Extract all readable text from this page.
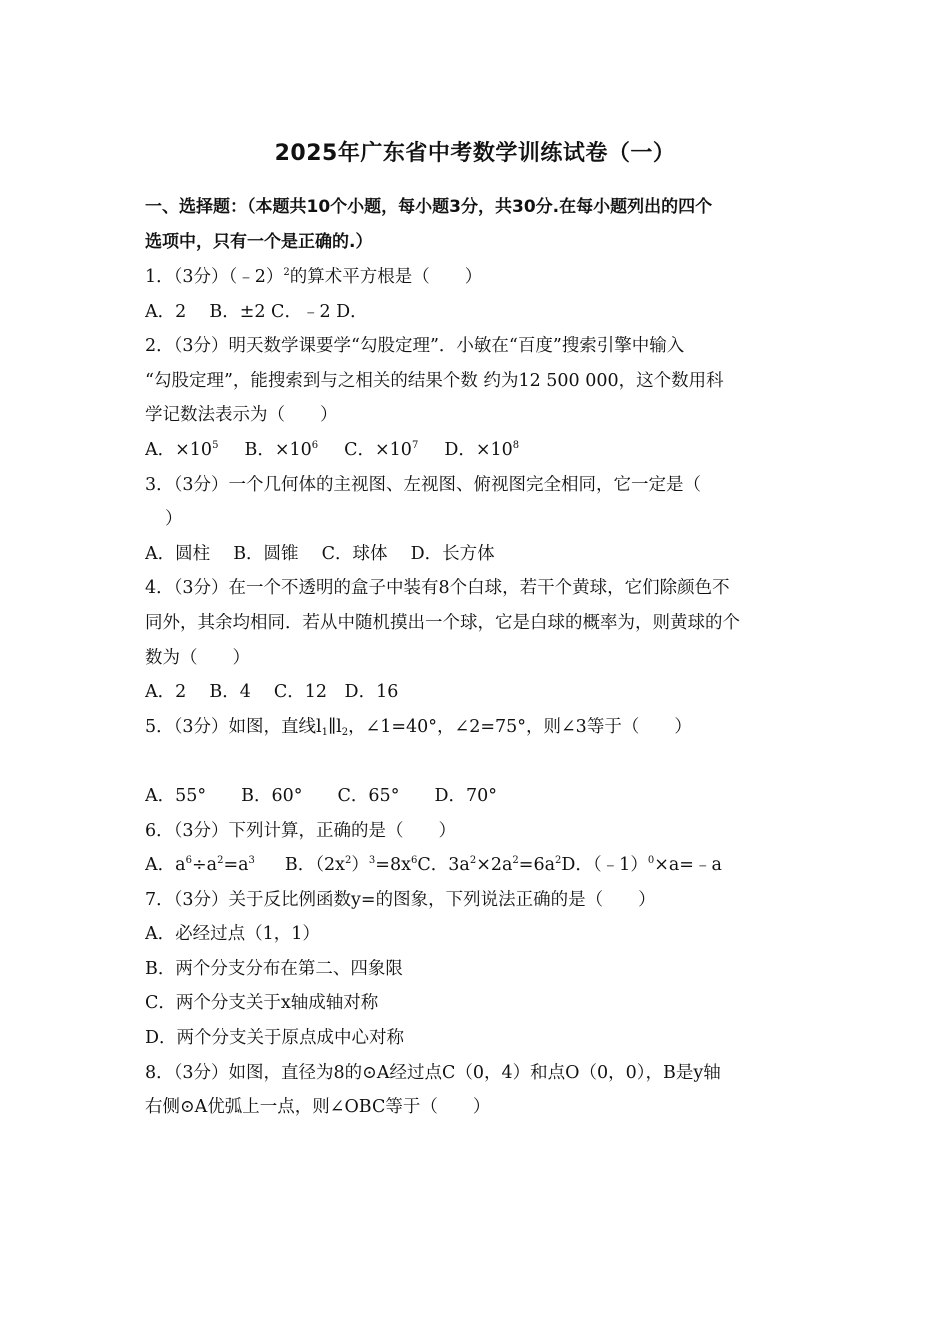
2025年广东省中考数学训练试卷（一）
一、选择题：（本题共10个小题，每小题3分，共30分.在每小题列出的四个
选项中，只有一个是正确的.）
1．（3分）（﹣2）$^2$的算术平方根是（　　）
A．2　 B．±2 C．﹣2 D．
2．（3分）明天数学课要学“勾股定理”．小敏在“百度”搜索引擎中输入
“勾股定理”，能搜索到与之相关的结果个数 约为12 500 000，这个数用科
学记数法表示为（　　）
A．$\times 10^5$ B．$\times 10^6$ C．$\times 10^7$ D．$\times 10^8$
3．（3分）一个几何体的主视图、左视图、俯视图完全相同，它一定是（
）
A．圆柱　 B．圆锥　 C．球体　 D．长方体
4．（3分）在一个不透明的盒子中装有8个白球，若干个黄球，它们除颜色不
同外，其余均相同．若从中随机摸出一个球，它是白球的概率为，则黄球的个
数为（　　）
A．2　 B．4　 C．12　D．16
5．（3分）如图，直线$l_1\parallel l_2$，∠1=40°，∠2=75°，则∠3等于（　　）
A．55°　　B．60°　　C．65°　　D．70°
6．（3分）下列计算，正确的是（　　）
A．$a^6\div a^2=a^3$ B．$(2x^2)^3=8x^6C$．$3a^2\times 2a^2=6a^2D$．（﹣1）$^0$×a=﹣a
7．（3分）关于反比例函数y=的图象，下列说法正确的是（　　）
A．必经过点（1，1）
B．两个分支分布在第二、四象限
C．两个分支关于x轴成轴对称
D．两个分支关于原点成中心对称
8．（3分）如图，直径为8的⊙A经过点C（0，4）和点O（0，0），B是y轴
右侧⊙A优弧上一点，则∠OBC等于（　　）
